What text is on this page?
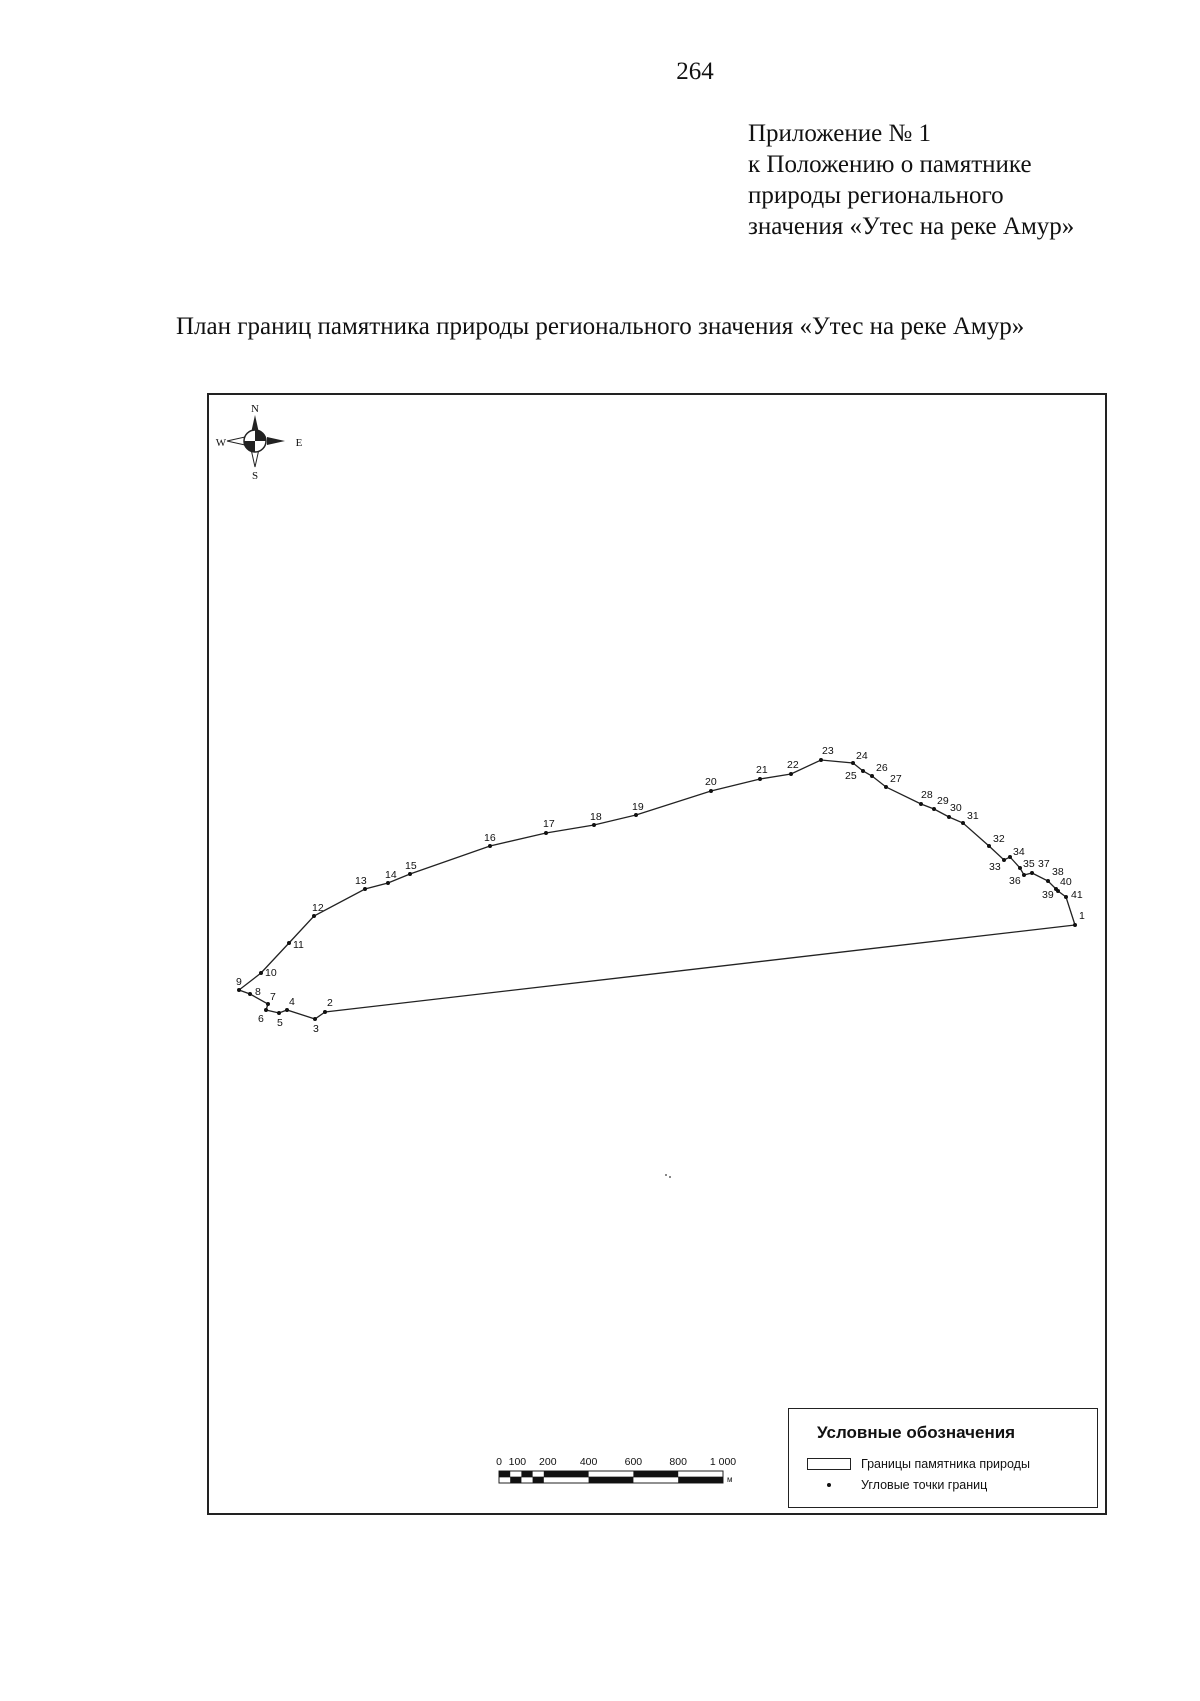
264
Приложение № 1
к Положению о памятнике
природы регионального
значения «Утес на реке Амур»
План границ памятника природы регионального значения «Утес на реке Амур»
N
S
W	E
1
2
3
4
5
6
7
8
9
10
11
12
13 14
15
16
17
18
19
20
21 22
23 24
25
26
27
28 29
30
31
32
33
34
35
36
37
38
39
40
41
0 100 200 400	600	800 1 000
м
Условные обозначения
Границы памятника природы
Угловые точки границ
